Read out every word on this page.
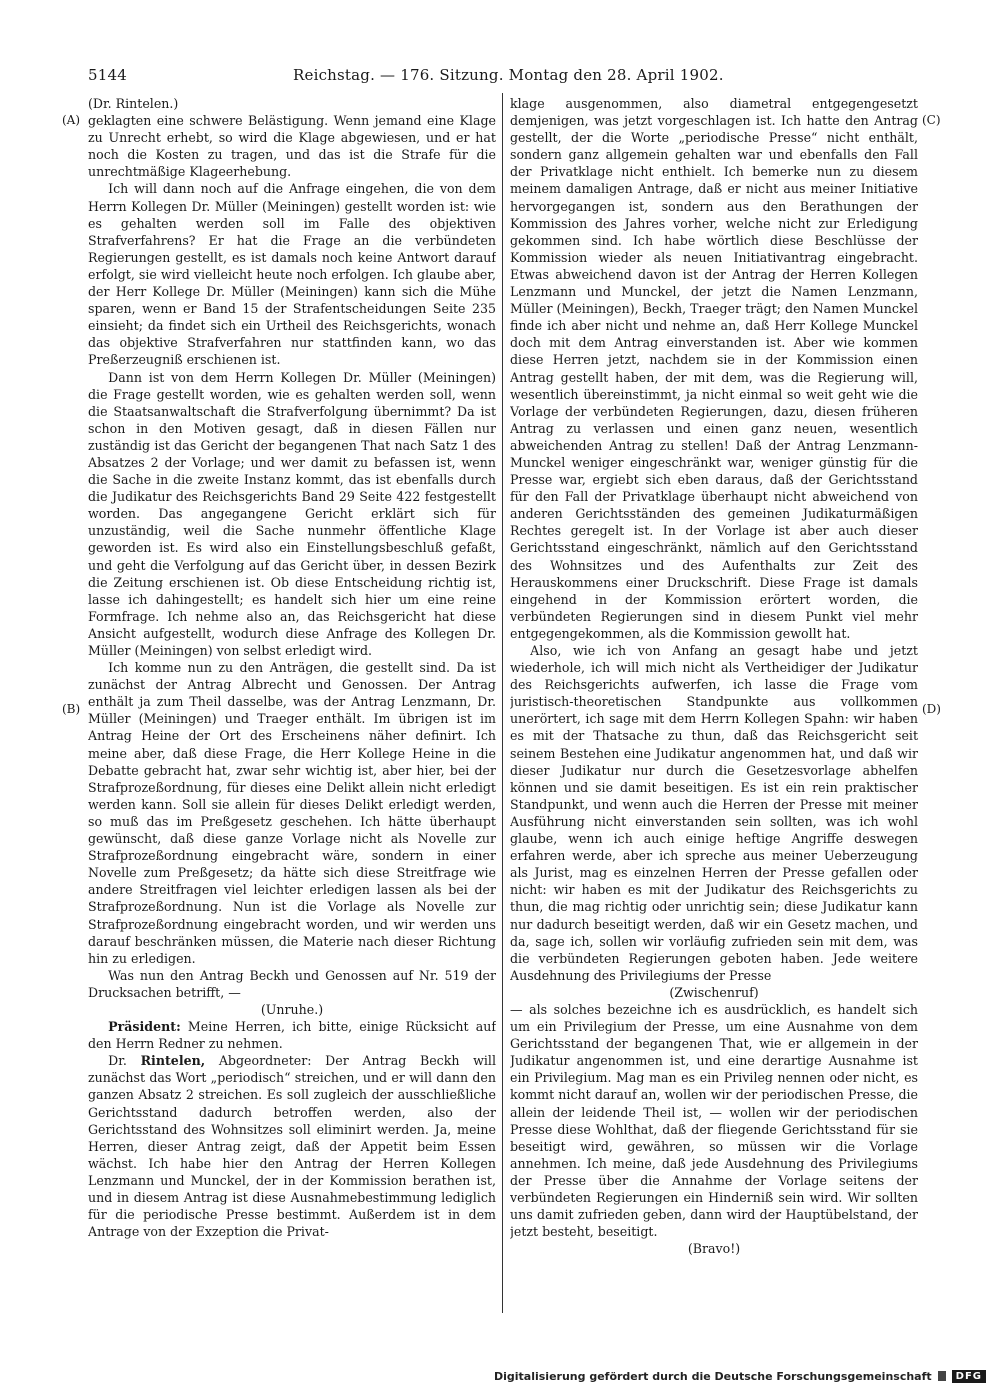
5144	Reichstag. — 176. Sitzung. Montag den 28. April 1902.
(A)
(B)
(C)
(D)

(Dr. Rintelen.)

geklagten eine schwere Belästigung. Wenn jemand eine Klage zu Unrecht erhebt, so wird die Klage abgewiesen, und er hat noch die Kosten zu tragen, und das ist die Strafe für die unrechtmäßige Klageerhebung.

Ich will dann noch auf die Anfrage eingehen, die von dem Herrn Kollegen Dr. Müller (Meiningen) gestellt worden ist: wie es gehalten werden soll im Falle des objektiven Strafverfahrens? Er hat die Frage an die verbündeten Regierungen gestellt, es ist damals noch keine Antwort darauf erfolgt, sie wird vielleicht heute noch erfolgen. Ich glaube aber, der Herr Kollege Dr. Müller (Meiningen) kann sich die Mühe sparen, wenn er Band 15 der Strafentscheidungen Seite 235 einsieht; da findet sich ein Urtheil des Reichsgerichts, wonach das objektive Strafverfahren nur stattfinden kann, wo das Preßerzeugniß erschienen ist.

Dann ist von dem Herrn Kollegen Dr. Müller (Meiningen) die Frage gestellt worden, wie es gehalten werden soll, wenn die Staatsanwaltschaft die Strafverfolgung übernimmt? Da ist schon in den Motiven gesagt, daß in diesen Fällen nur zuständig ist das Gericht der begangenen That nach Satz 1 des Absatzes 2 der Vorlage; und wer damit zu befassen ist, wenn die Sache in die zweite Instanz kommt, das ist ebenfalls durch die Judikatur des Reichsgerichts Band 29 Seite 422 festgestellt worden. Das angegangene Gericht erklärt sich für unzuständig, weil die Sache nunmehr öffentliche Klage geworden ist. Es wird also ein Einstellungsbeschluß gefaßt, und geht die Verfolgung auf das Gericht über, in dessen Bezirk die Zeitung erschienen ist. Ob diese Entscheidung richtig ist, lasse ich dahingestellt; es handelt sich hier um eine reine Formfrage. Ich nehme also an, das Reichsgericht hat diese Ansicht aufgestellt, wodurch diese Anfrage des Kollegen Dr. Müller (Meiningen) von selbst erledigt wird.

Ich komme nun zu den Anträgen, die gestellt sind. Da ist zunächst der Antrag Albrecht und Genossen. Der Antrag enthält ja zum Theil dasselbe, was der Antrag Lenzmann, Dr. Müller (Meiningen) und Traeger enthält. Im übrigen ist im Antrag Heine der Ort des Erscheinens näher definirt. Ich meine aber, daß diese Frage, die Herr Kollege Heine in die Debatte gebracht hat, zwar sehr wichtig ist, aber hier, bei der Strafprozeßordnung, für dieses eine Delikt allein nicht erledigt werden kann. Soll sie allein für dieses Delikt erledigt werden, so muß das im Preßgesetz geschehen. Ich hätte überhaupt gewünscht, daß diese ganze Vorlage nicht als Novelle zur Strafprozeßordnung eingebracht wäre, sondern in einer Novelle zum Preßgesetz; da hätte sich diese Streitfrage wie andere Streitfragen viel leichter erledigen lassen als bei der Strafprozeßordnung. Nun ist die Vorlage als Novelle zur Strafprozeßordnung eingebracht worden, und wir werden uns darauf beschränken müssen, die Materie nach dieser Richtung hin zu erledigen.

Was nun den Antrag Beckh und Genossen auf Nr. 519 der Drucksachen betrifft, —

(Unruhe.)

Präsident: Meine Herren, ich bitte, einige Rücksicht auf den Herrn Redner zu nehmen.

Dr. Rintelen, Abgeordneter: Der Antrag Beckh will zunächst das Wort „periodisch“ streichen, und er will dann den ganzen Absatz 2 streichen. Es soll zugleich der ausschließliche Gerichtsstand dadurch betroffen werden, also der Gerichtsstand des Wohnsitzes soll eliminirt werden. Ja, meine Herren, dieser Antrag zeigt, daß der Appetit beim Essen wächst. Ich habe hier den Antrag der Herren Kollegen Lenzmann und Munckel, der in der Kommission berathen ist, und in diesem Antrag ist diese Ausnahmebestimmung lediglich für die periodische Presse bestimmt. Außerdem ist in dem Antrage von der Exzeption die Privat-

klage ausgenommen, also diametral entgegengesetzt demjenigen, was jetzt vorgeschlagen ist. Ich hatte den Antrag gestellt, der die Worte „periodische Presse“ nicht enthält, sondern ganz allgemein gehalten war und ebenfalls den Fall der Privatklage nicht enthielt. Ich bemerke nun zu diesem meinem damaligen Antrage, daß er nicht aus meiner Initiative hervorgegangen ist, sondern aus den Berathungen der Kommission des Jahres vorher, welche nicht zur Erledigung gekommen sind. Ich habe wörtlich diese Beschlüsse der Kommission wieder als neuen Initiativantrag eingebracht. Etwas abweichend davon ist der Antrag der Herren Kollegen Lenzmann und Munckel, der jetzt die Namen Lenzmann, Müller (Meiningen), Beckh, Traeger trägt; den Namen Munckel finde ich aber nicht und nehme an, daß Herr Kollege Munckel doch mit dem Antrag einverstanden ist. Aber wie kommen diese Herren jetzt, nachdem sie in der Kommission einen Antrag gestellt haben, der mit dem, was die Regierung will, wesentlich übereinstimmt, ja nicht einmal so weit geht wie die Vorlage der verbündeten Regierungen, dazu, diesen früheren Antrag zu verlassen und einen ganz neuen, wesentlich abweichenden Antrag zu stellen! Daß der Antrag Lenzmann-Munckel weniger eingeschränkt war, weniger günstig für die Presse war, ergiebt sich eben daraus, daß der Gerichtsstand für den Fall der Privatklage überhaupt nicht abweichend von anderen Gerichtsständen des gemeinen Judikaturmäßigen Rechtes geregelt ist. In der Vorlage ist aber auch dieser Gerichtsstand eingeschränkt, nämlich auf den Gerichtsstand des Wohnsitzes und des Aufenthalts zur Zeit des Herauskommens einer Druckschrift. Diese Frage ist damals eingehend in der Kommission erörtert worden, die verbündeten Regierungen sind in diesem Punkt viel mehr entgegengekommen, als die Kommission gewollt hat.

Also, wie ich von Anfang an gesagt habe und jetzt wiederhole, ich will mich nicht als Vertheidiger der Judikatur des Reichsgerichts aufwerfen, ich lasse die Frage vom juristisch-theoretischen Standpunkte aus vollkommen unerörtert, ich sage mit dem Herrn Kollegen Spahn: wir haben es mit der Thatsache zu thun, daß das Reichsgericht seit seinem Bestehen eine Judikatur angenommen hat, und daß wir dieser Judikatur nur durch die Gesetzesvorlage abhelfen können und sie damit beseitigen. Es ist ein rein praktischer Standpunkt, und wenn auch die Herren der Presse mit meiner Ausführung nicht einverstanden sein sollten, was ich wohl glaube, wenn ich auch einige heftige Angriffe deswegen erfahren werde, aber ich spreche aus meiner Ueberzeugung als Jurist, mag es einzelnen Herren der Presse gefallen oder nicht: wir haben es mit der Judikatur des Reichsgerichts zu thun, die mag richtig oder unrichtig sein; diese Judikatur kann nur dadurch beseitigt werden, daß wir ein Gesetz machen, und da, sage ich, sollen wir vorläufig zufrieden sein mit dem, was die verbündeten Regierungen geboten haben. Jede weitere Ausdehnung des Privilegiums der Presse

(Zwischenruf)

— als solches bezeichne ich es ausdrücklich, es handelt sich um ein Privilegium der Presse, um eine Ausnahme von dem Gerichtsstand der begangenen That, wie er allgemein in der Judikatur angenommen ist, und eine derartige Ausnahme ist ein Privilegium. Mag man es ein Privileg nennen oder nicht, es kommt nicht darauf an, wollen wir der periodischen Presse, die allein der leidende Theil ist, — wollen wir der periodischen Presse diese Wohlthat, daß der fliegende Gerichtsstand für sie beseitigt wird, gewähren, so müssen wir die Vorlage annehmen. Ich meine, daß jede Ausdehnung des Privilegiums der Presse über die Annahme der Vorlage seitens der verbündeten Regierungen ein Hinderniß sein wird. Wir sollten uns damit zufrieden geben, dann wird der Hauptübelstand, der jetzt besteht, beseitigt.

(Bravo!)

Digitalisierung gefördert durch die Deutsche Forschungsgemeinschaft	DFG
